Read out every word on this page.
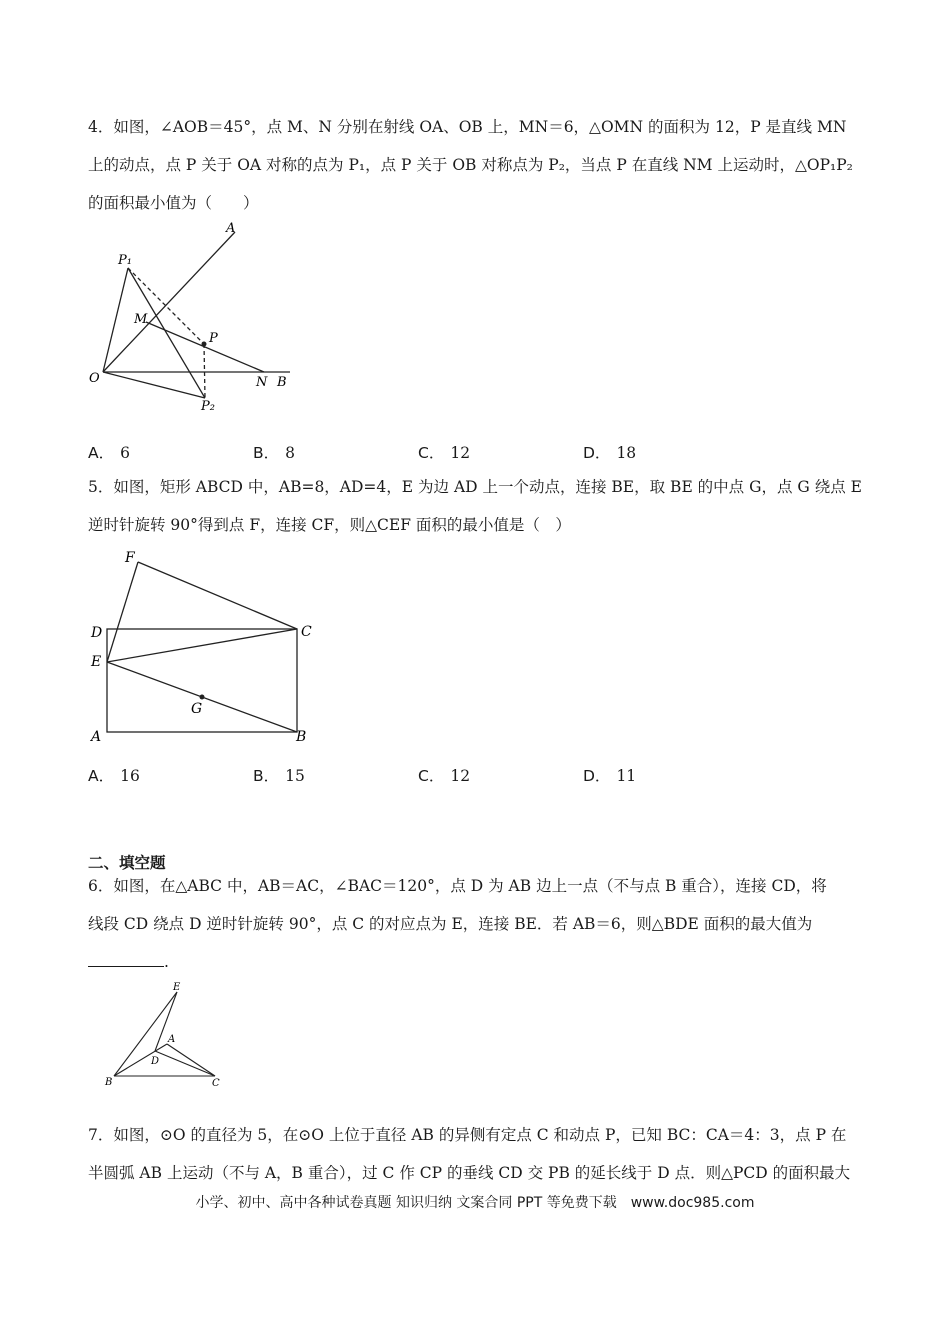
4．如图，∠AOB＝45°，点 M、N 分别在射线 OA、OB 上，MN＝6，△OMN 的面积为 12，P 是直线 MN
上的动点，点 P 关于 OA 对称的点为 P₁，点 P 关于 OB 对称点为 P₂，当点 P 在直线 NM 上运动时，△OP₁P₂
的面积最小值为（　　）
A
P₁
M
P
O	N B
P₂
A． 6	B． 8	C． 12	D． 18
5．如图，矩形 ABCD 中，AB=8，AD=4，E 为边 AD 上一个动点，连接 BE，取 BE 的中点 G，点 G 绕点 E
逆时针旋转 90°得到点 F，连接 CF，则△CEF 面积的最小值是（　）
F
D	C
E
G
A	B
A． 16	B． 15	C． 12	D． 11
二、填空题
6．如图，在△ABC 中，AB＝AC，∠BAC＝120°，点 D 为 AB 边上一点（不与点 B 重合），连接 CD，将
线段 CD 绕点 D 逆时针旋转 90°，点 C 的对应点为 E，连接 BE．若 AB＝6，则△BDE 面积的最大值为
.
E
A
D
B	C
7．如图，⊙O 的直径为 5，在⊙O 上位于直径 AB 的异侧有定点 C 和动点 P，已知 BC：CA＝4：3，点 P 在
半圆弧 AB 上运动（不与 A，B 重合），过 C 作 CP 的垂线 CD 交 PB 的延长线于 D 点．则△PCD 的面积最大
小学、初中、高中各种试卷真题 知识归纳 文案合同 PPT 等免费下载　www.doc985.com
